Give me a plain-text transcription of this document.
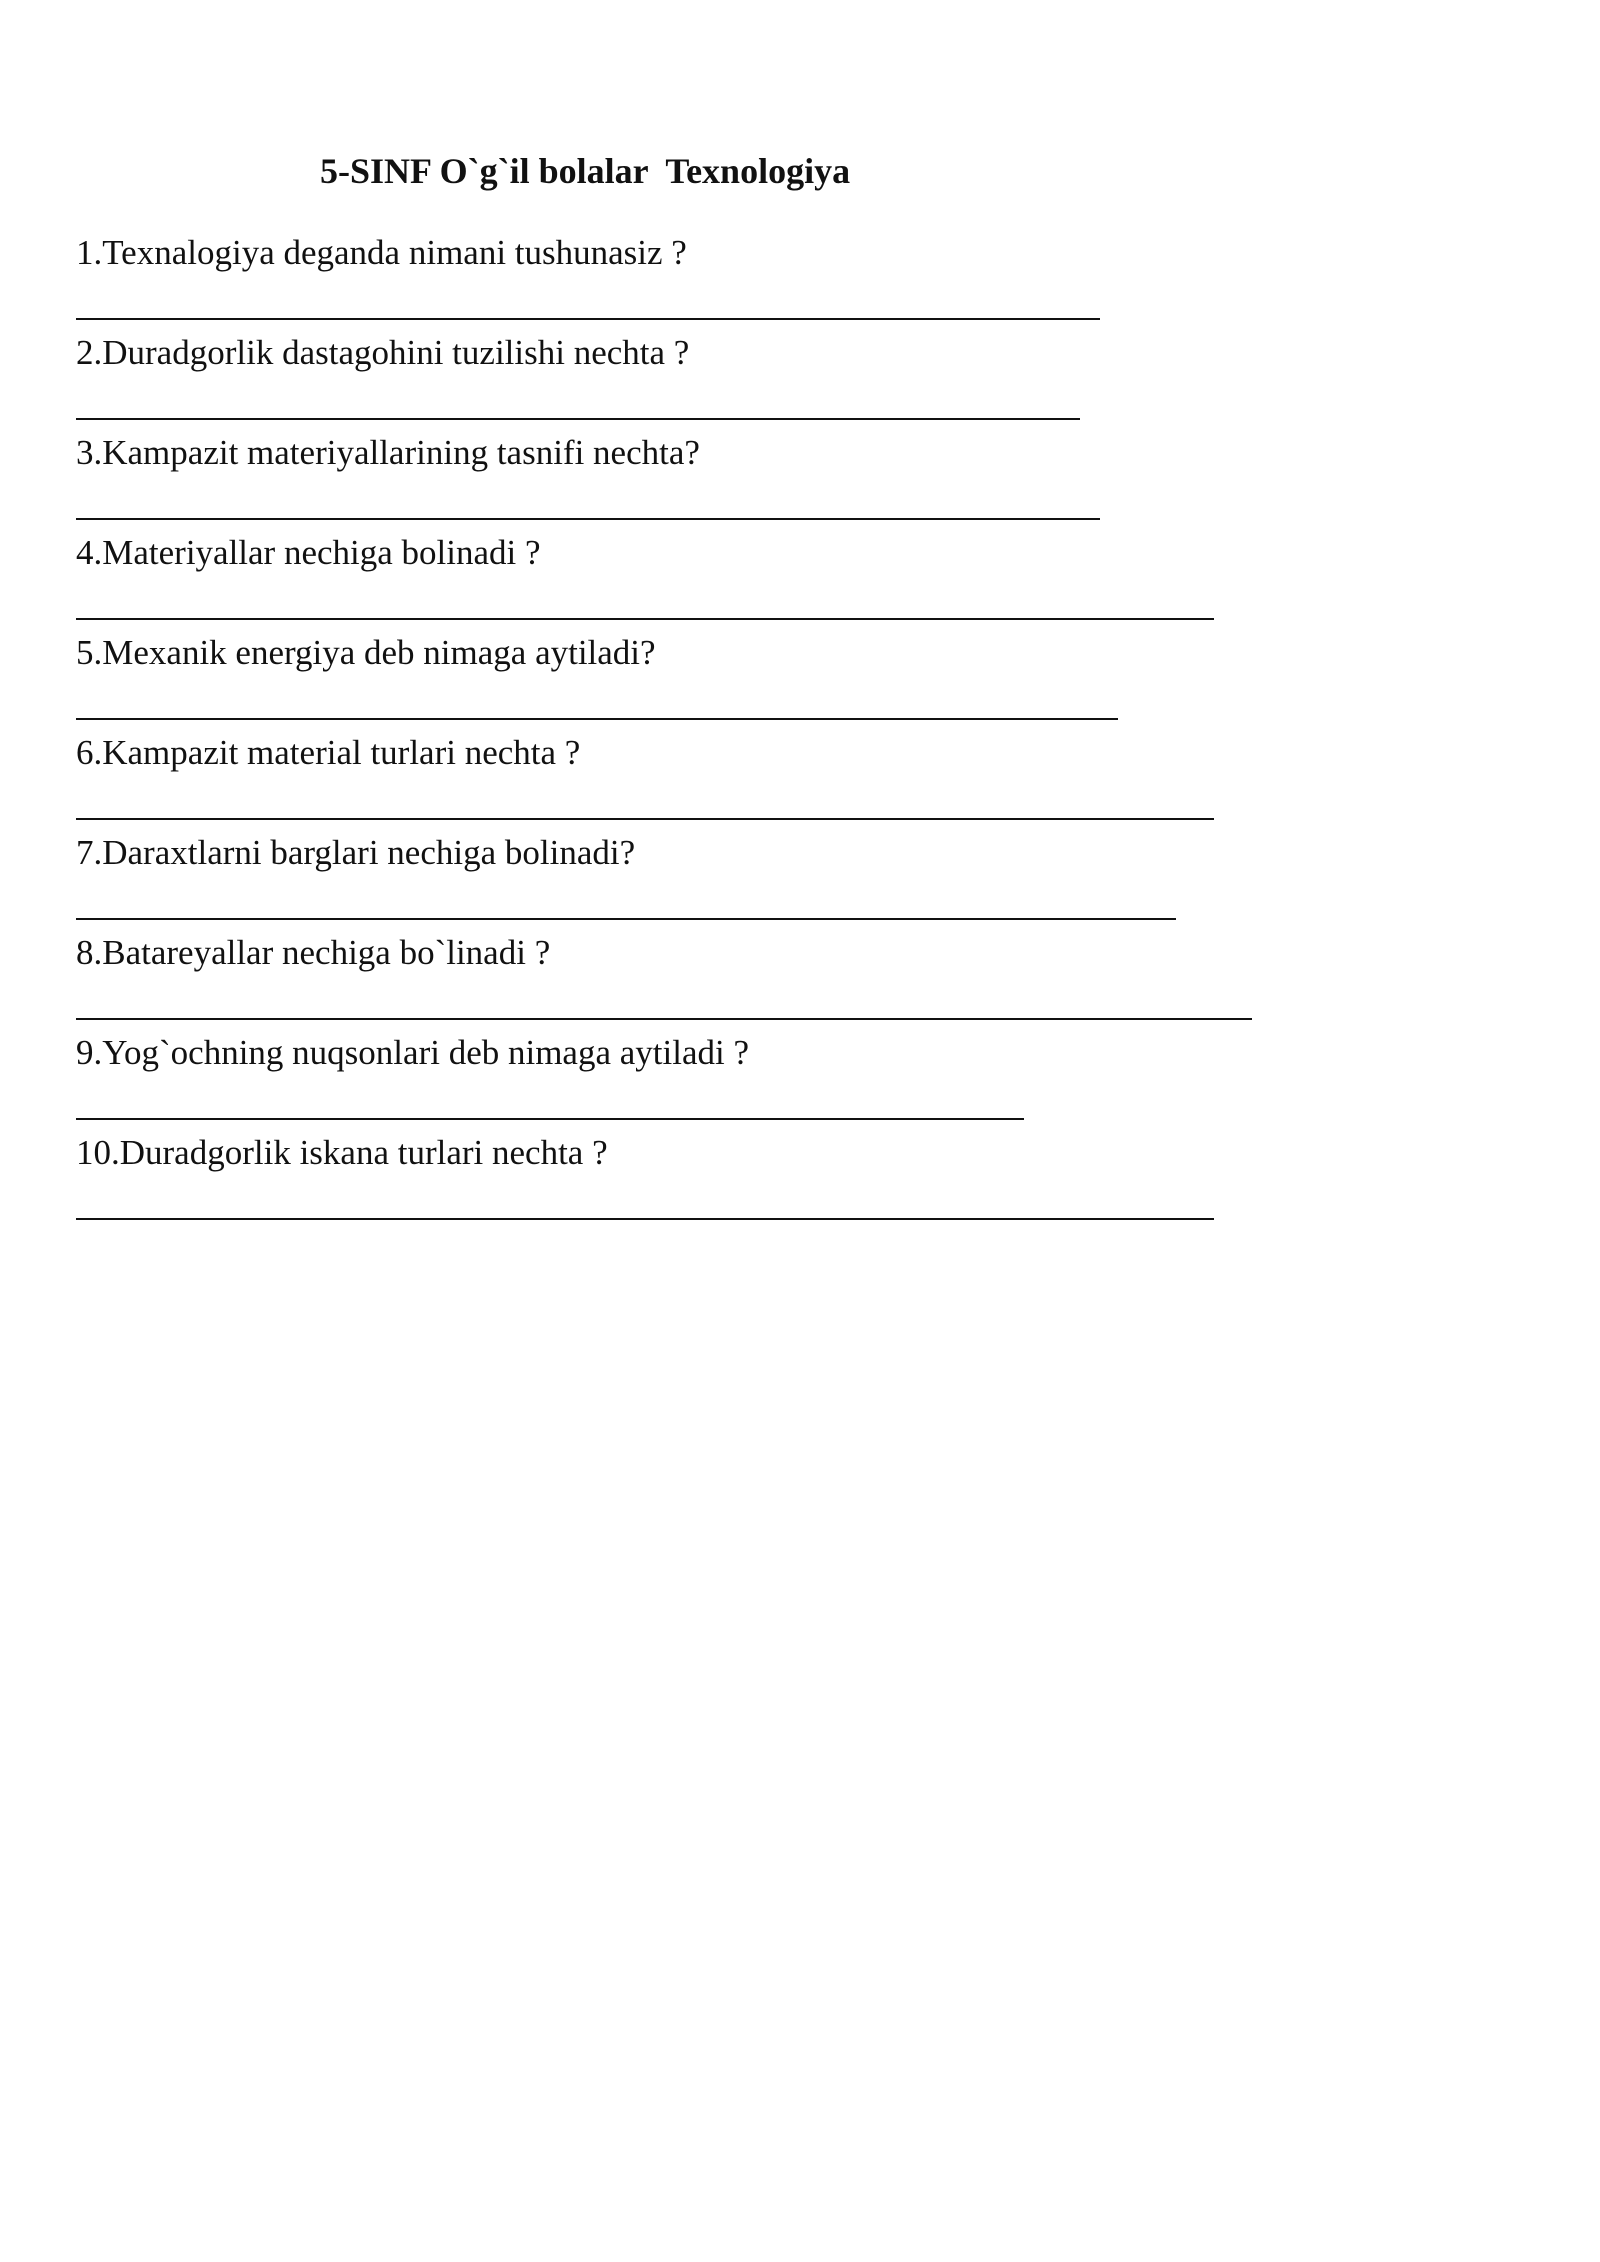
5-SINF O`g`il bolalar  Texnologiya
1.Texnalogiya deganda nimani tushunasiz ?
2.Duradgorlik dastagohini tuzilishi nechta ?
3.Kampazit materiyallarining tasnifi nechta?
4.Materiyallar nechiga bolinadi ?
5.Mexanik energiya deb nimaga aytiladi?
6.Kampazit material turlari nechta ?
7.Daraxtlarni barglari nechiga bolinadi?
8.Batareyallar nechiga bo`linadi ?
9.Yog`ochning nuqsonlari deb nimaga aytiladi ?
10.Duradgorlik iskana turlari nechta ?
